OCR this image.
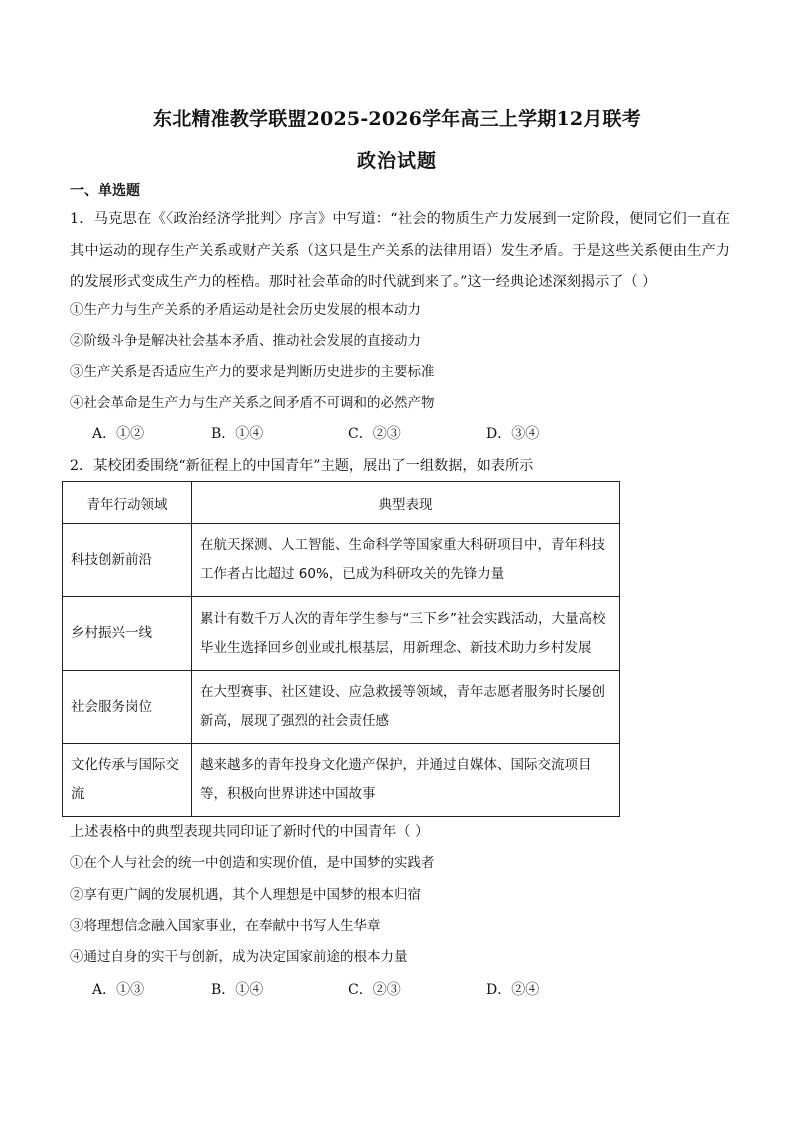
东北精准教学联盟2025-2026学年高三上学期12月联考
政治试题
一、单选题
1．马克思在《〈政治经济学批判〉序言》中写道：“社会的物质生产力发展到一定阶段，便同它们一直在其中运动的现存生产关系或财产关系（这只是生产关系的法律用语）发生矛盾。于是这些关系便由生产力的发展形式变成生产力的桎梏。那时社会革命的时代就到来了。”这一经典论述深刻揭示了（ ）
①生产力与生产关系的矛盾运动是社会历史发展的根本动力
②阶级斗争是解决社会基本矛盾、推动社会发展的直接动力
③生产关系是否适应生产力的要求是判断历史进步的主要标准
④社会革命是生产力与生产关系之间矛盾不可调和的必然产物
A．①②	B．①④	C．②③	D．③④
2．某校团委围绕“新征程上的中国青年”主题，展出了一组数据，如表所示
青年行动领域	典型表现
科技创新前沿	在航天探测、人工智能、生命科学等国家重大科研项目中，青年科技工作者占比超过 60%，已成为科研攻关的先锋力量
乡村振兴一线	累计有数千万人次的青年学生参与“三下乡”社会实践活动，大量高校毕业生选择回乡创业或扎根基层，用新理念、新技术助力乡村发展
社会服务岗位	在大型赛事、社区建设、应急救援等领域，青年志愿者服务时长屡创新高，展现了强烈的社会责任感
文化传承与国际交流	越来越多的青年投身文化遗产保护，并通过自媒体、国际交流项目等，积极向世界讲述中国故事
上述表格中的典型表现共同印证了新时代的中国青年（ ）
①在个人与社会的统一中创造和实现价值，是中国梦的实践者
②享有更广阔的发展机遇，其个人理想是中国梦的根本归宿
③将理想信念融入国家事业，在奉献中书写人生华章
④通过自身的实干与创新，成为决定国家前途的根本力量
A．①③	B．①④	C．②③	D．②④
